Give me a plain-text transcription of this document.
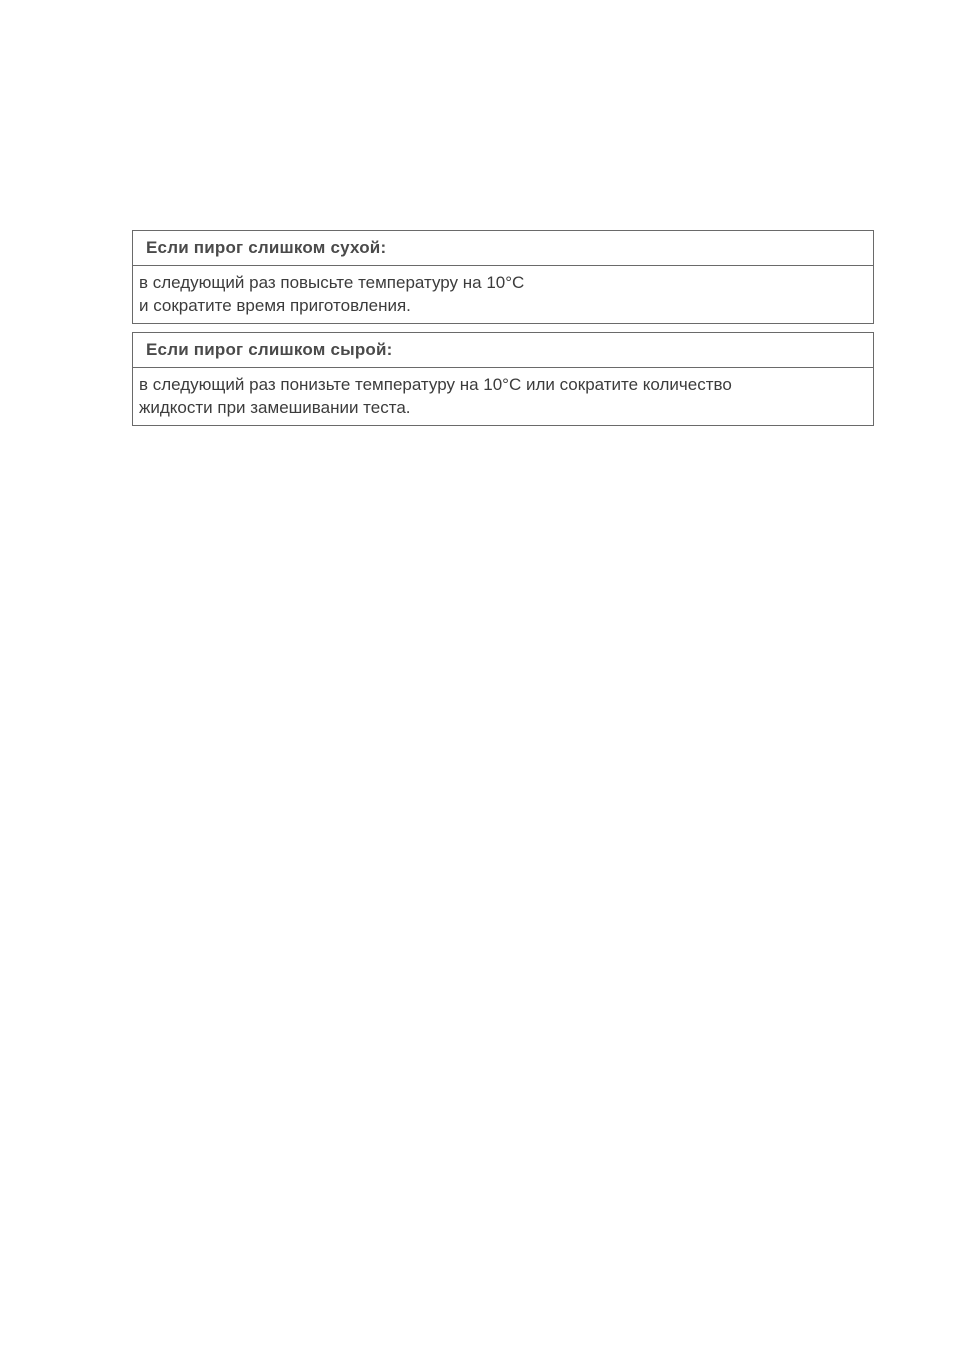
Если пирог слишком сухой:
в следующий раз повысьте температуру на 10°С
и сократите время приготовления.
Если пирог слишком сырой:
в следующий раз понизьте температуру на 10°С или сократите количество
жидкости при замешивании теста.
